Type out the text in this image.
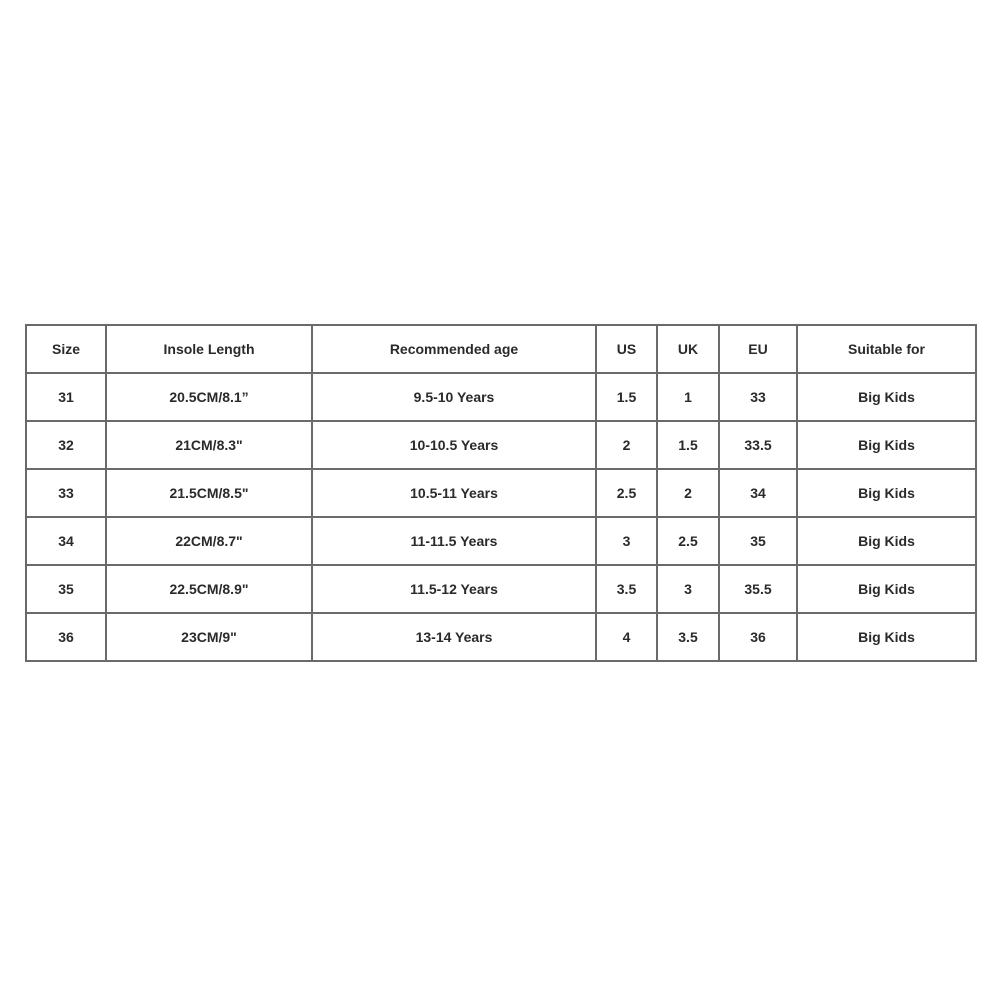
Size	Insole Length	Recommended age	US	UK	EU	Suitable for
31	20.5CM/8.1”	9.5-10 Years	1.5	1	33	Big Kids
32	21CM/8.3"	10-10.5 Years	2	1.5	33.5	Big Kids
33	21.5CM/8.5"	10.5-11 Years	2.5	2	34	Big Kids
34	22CM/8.7"	11-11.5 Years	3	2.5	35	Big Kids
35	22.5CM/8.9"	11.5-12 Years	3.5	3	35.5	Big Kids
36	23CM/9"	13-14 Years	4	3.5	36	Big Kids
